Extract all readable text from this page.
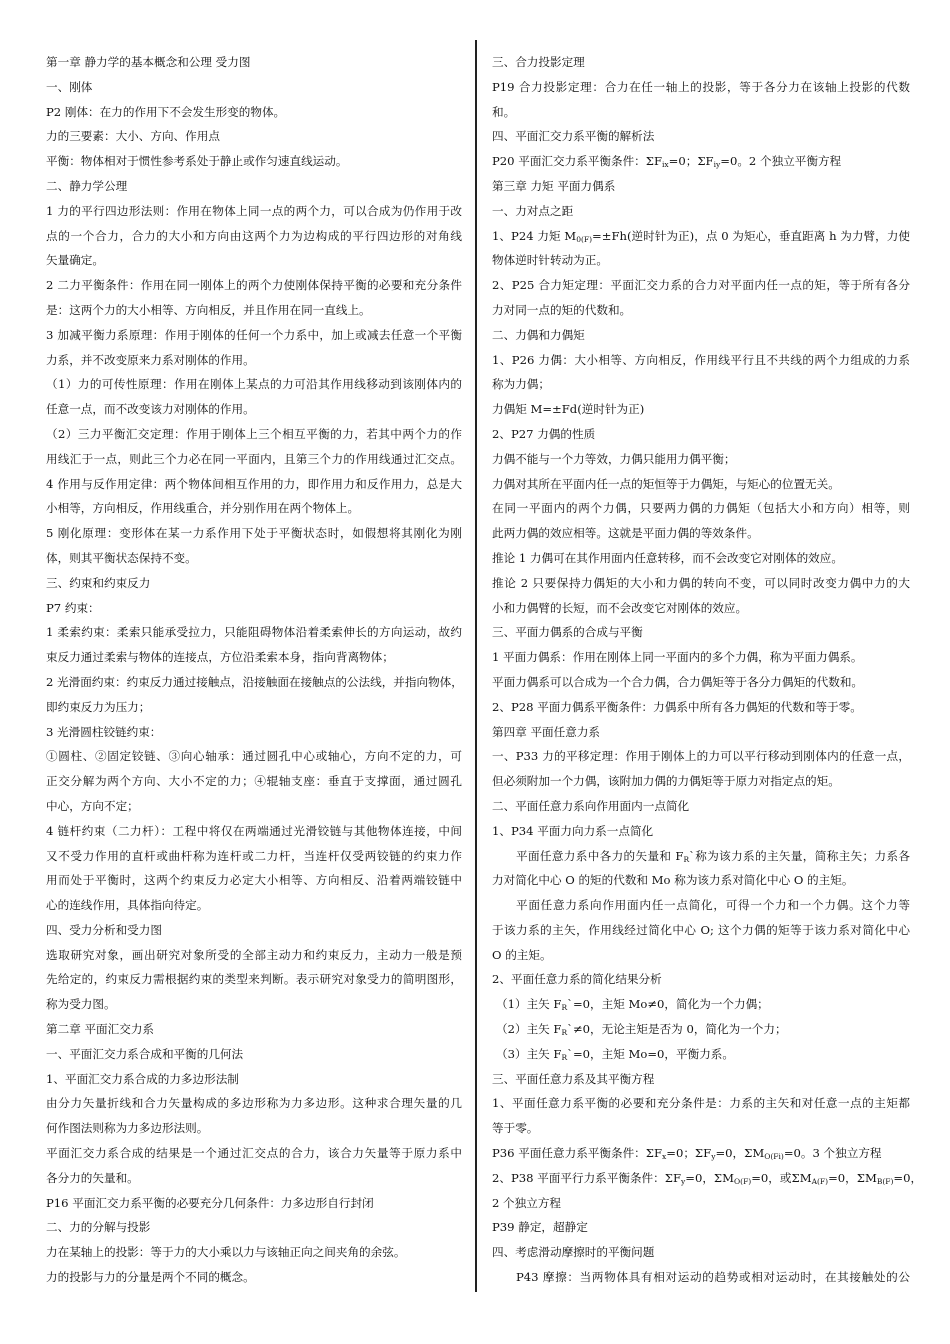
第一章 静力学的基本概念和公理 受力图
一、刚体
P2 刚体：在力的作用下不会发生形变的物体。
力的三要素：大小、方向、作用点
平衡：物体相对于惯性参考系处于静止或作匀速直线运动。
二、静力学公理
1 力的平行四边形法则：作用在物体上同一点的两个力，可以合成为仍作用于改
点的一个合力，合力的大小和方向由这两个力为边构成的平行四边形的对角线
矢量确定。
2 二力平衡条件：作用在同一刚体上的两个力使刚体保持平衡的必要和充分条件
是：这两个力的大小相等、方向相反，并且作用在同一直线上。
3 加减平衡力系原理：作用于刚体的任何一个力系中，加上或减去任意一个平衡
力系，并不改变原来力系对刚体的作用。
（1）力的可传性原理：作用在刚体上某点的力可沿其作用线移动到该刚体内的
任意一点，而不改变该力对刚体的作用。
（2）三力平衡汇交定理：作用于刚体上三个相互平衡的力，若其中两个力的作
用线汇于一点，则此三个力必在同一平面内，且第三个力的作用线通过汇交点。
4 作用与反作用定律：两个物体间相互作用的力，即作用力和反作用力，总是大
小相等，方向相反，作用线重合，并分别作用在两个物体上。
5 刚化原理：变形体在某一力系作用下处于平衡状态时，如假想将其刚化为刚
体，则其平衡状态保持不变。
三、约束和约束反力
P7 约束：
1 柔索约束：柔索只能承受拉力，只能阻碍物体沿着柔索伸长的方向运动，故约
束反力通过柔索与物体的连接点，方位沿柔索本身，指向背离物体；
2 光滑面约束：约束反力通过接触点，沿接触面在接触点的公法线，并指向物体，
即约束反力为压力；
3 光滑圆柱铰链约束：
①圆柱、②固定铰链、③向心轴承：通过圆孔中心或轴心，方向不定的力，可
正交分解为两个方向、大小不定的力；④辊轴支座：垂直于支撑面，通过圆孔
中心，方向不定；
4 链杆约束（二力杆）：工程中将仅在两端通过光滑铰链与其他物体连接，中间
又不受力作用的直杆或曲杆称为连杆或二力杆，当连杆仅受两铰链的约束力作
用而处于平衡时，这两个约束反力必定大小相等、方向相反、沿着两端铰链中
心的连线作用，具体指向待定。
四、受力分析和受力图
选取研究对象，画出研究对象所受的全部主动力和约束反力，主动力一般是预
先给定的，约束反力需根据约束的类型来判断。表示研究对象受力的简明图形，
称为受力图。
第二章 平面汇交力系
一、平面汇交力系合成和平衡的几何法
1、平面汇交力系合成的力多边形法制
由分力矢量折线和合力矢量构成的多边形称为力多边形。这种求合理矢量的几
何作图法则称为力多边形法则。
平面汇交力系合成的结果是一个通过汇交点的合力，该合力矢量等于原力系中
各分力的矢量和。
P16 平面汇交力系平衡的必要充分几何条件：力多边形自行封闭
二、力的分解与投影
力在某轴上的投影：等于力的大小乘以力与该轴正向之间夹角的余弦。
力的投影与力的分量是两个不同的概念。
三、合力投影定理
P19 合力投影定理：合力在任一轴上的投影，等于各分力在该轴上投影的代数
和。
四、平面汇交力系平衡的解析法
P20 平面汇交力系平衡条件：$\Sigma F_{ix}=0$；$\Sigma F_{iy}=0$。2 个独立平衡方程
第三章 力矩 平面力偶系
一、力对点之距
1、P24 力矩 $M_{0(F)}=\pm Fh$(逆时针为正)，点 0 为矩心，垂直距离 h 为力臂，力使
物体逆时针转动为正。
2、P25 合力矩定理：平面汇交力系的合力对平面内任一点的矩，等于所有各分
力对同一点的矩的代数和。
二、力偶和力偶矩
1、P26 力偶：大小相等、方向相反，作用线平行且不共线的两个力组成的力系
称为力偶；
力偶矩 M=±Fd(逆时针为正)
2、P27 力偶的性质
力偶不能与一个力等效，力偶只能用力偶平衡；
力偶对其所在平面内任一点的矩恒等于力偶矩，与矩心的位置无关。
在同一平面内的两个力偶，只要两力偶的力偶矩（包括大小和方向）相等，则
此两力偶的效应相等。这就是平面力偶的等效条件。
推论 1 力偶可在其作用面内任意转移，而不会改变它对刚体的效应。
推论 2 只要保持力偶矩的大小和力偶的转向不变，可以同时改变力偶中力的大
小和力偶臂的长短，而不会改变它对刚体的效应。
三、平面力偶系的合成与平衡
1 平面力偶系：作用在刚体上同一平面内的多个力偶，称为平面力偶系。
平面力偶系可以合成为一个合力偶，合力偶矩等于各分力偶矩的代数和。
2、P28 平面力偶系平衡条件：力偶系中所有各力偶矩的代数和等于零。
第四章 平面任意力系
一、P33 力的平移定理：作用于刚体上的力可以平行移动到刚体内的任意一点，
但必须附加一个力偶，该附加力偶的力偶矩等于原力对指定点的矩。
二、平面任意力系向作用面内一点简化
1、P34 平面力向力系一点简化
平面任意力系中各力的矢量和 $F_R`$称为该力系的主矢量，简称主矢；力系各
力对简化中心 O 的矩的代数和 Mo 称为该力系对简化中心 O 的主矩。
平面任意力系向作用面内任一点简化，可得一个力和一个力偶。这个力等
于该力系的主矢，作用线经过简化中心 O; 这个力偶的矩等于该力系对简化中心
O 的主矩。
2、平面任意力系的简化结果分析
（1）主矢 $F_R`=0$，主矩 Mo≠0，简化为一个力偶；
（2）主矢 $F_R`\ne 0$，无论主矩是否为 0，简化为一个力；
（3）主矢 $F_R`=0$，主矩 Mo=0，平衡力系。
三、平面任意力系及其平衡方程
1、平面任意力系平衡的必要和充分条件是：力系的主矢和对任意一点的主矩都
等于零。
P36 平面任意力系平衡条件：$\Sigma F_x=0$；$\Sigma F_y=0$，$\Sigma M_{O(Fi)}=0$。3 个独立方程
2、P38 平面平行力系平衡条件：$\Sigma F_y=0$，$\Sigma M_{O(F)}=0$，或$\Sigma M_{A(F)}=0$，$\Sigma M_{B(F)}=0$，
2 个独立方程
P39 静定，超静定
四、考虑滑动摩擦时的平衡问题
P43 摩擦：当两物体具有相对运动的趋势或相对运动时，在其接触处的公
